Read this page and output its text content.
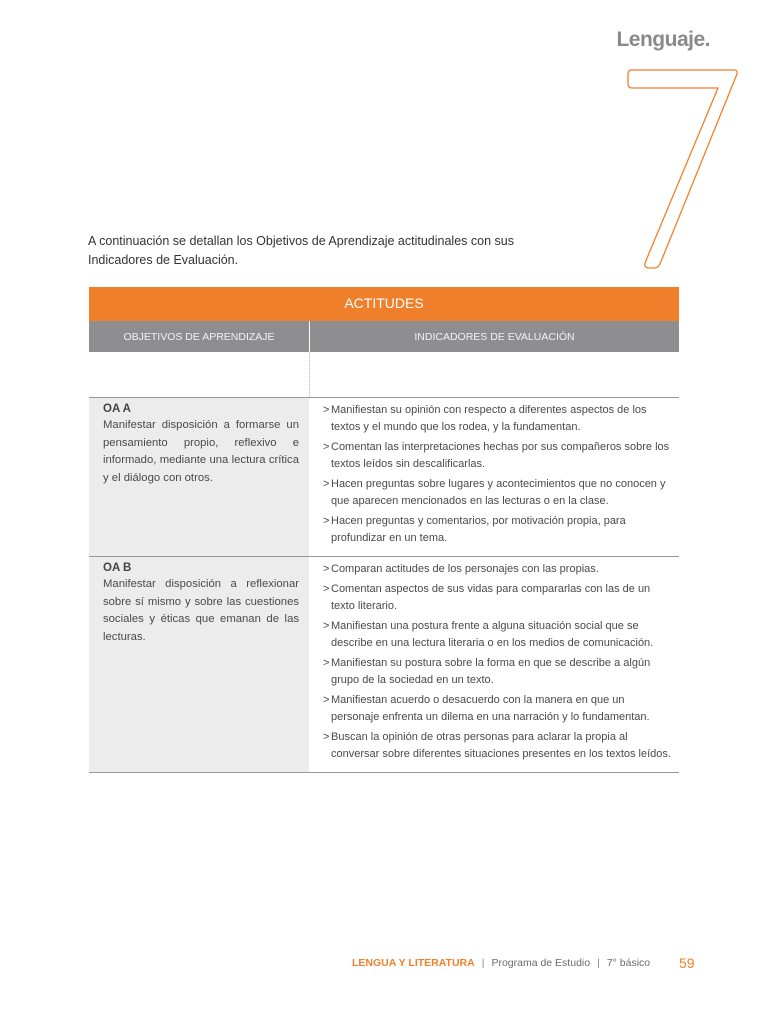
Lenguaje.
A continuación se detallan los Objetivos de Aprendizaje actitudinales con sus Indicadores de Evaluación.
ACTITUDES
OBJETIVOS DE APRENDIZAJE	INDICADORES DE EVALUACIÓN
OA A
Manifestar disposición a formarse un pensamiento propio, reflexivo e informado, mediante una lectura crítica y el diálogo con otros.
> Manifiestan su opinión con respecto a diferentes aspectos de los textos y el mundo que los rodea, y la fundamentan.
> Comentan las interpretaciones hechas por sus compañeros sobre los textos leídos sin descalificarlas.
> Hacen preguntas sobre lugares y acontecimientos que no conocen y que aparecen mencionados en las lecturas o en la clase.
> Hacen preguntas y comentarios, por motivación propia, para profundizar en un tema.
OA B
Manifestar disposición a reflexionar sobre sí mismo y sobre las cuestiones sociales y éticas que emanan de las lecturas.
> Comparan actitudes de los personajes con las propias.
> Comentan aspectos de sus vidas para compararlas con las de un texto literario.
> Manifiestan una postura frente a alguna situación social que se describe en una lectura literaria o en los medios de comunicación.
> Manifiestan su postura sobre la forma en que se describe a algún grupo de la sociedad en un texto.
> Manifiestan acuerdo o desacuerdo con la manera en que un personaje enfrenta un dilema en una narración y lo fundamentan.
> Buscan la opinión de otras personas para aclarar la propia al conversar sobre diferentes situaciones presentes en los textos leídos.
LENGUA Y LITERATURA | Programa de Estudio | 7° básico 59
